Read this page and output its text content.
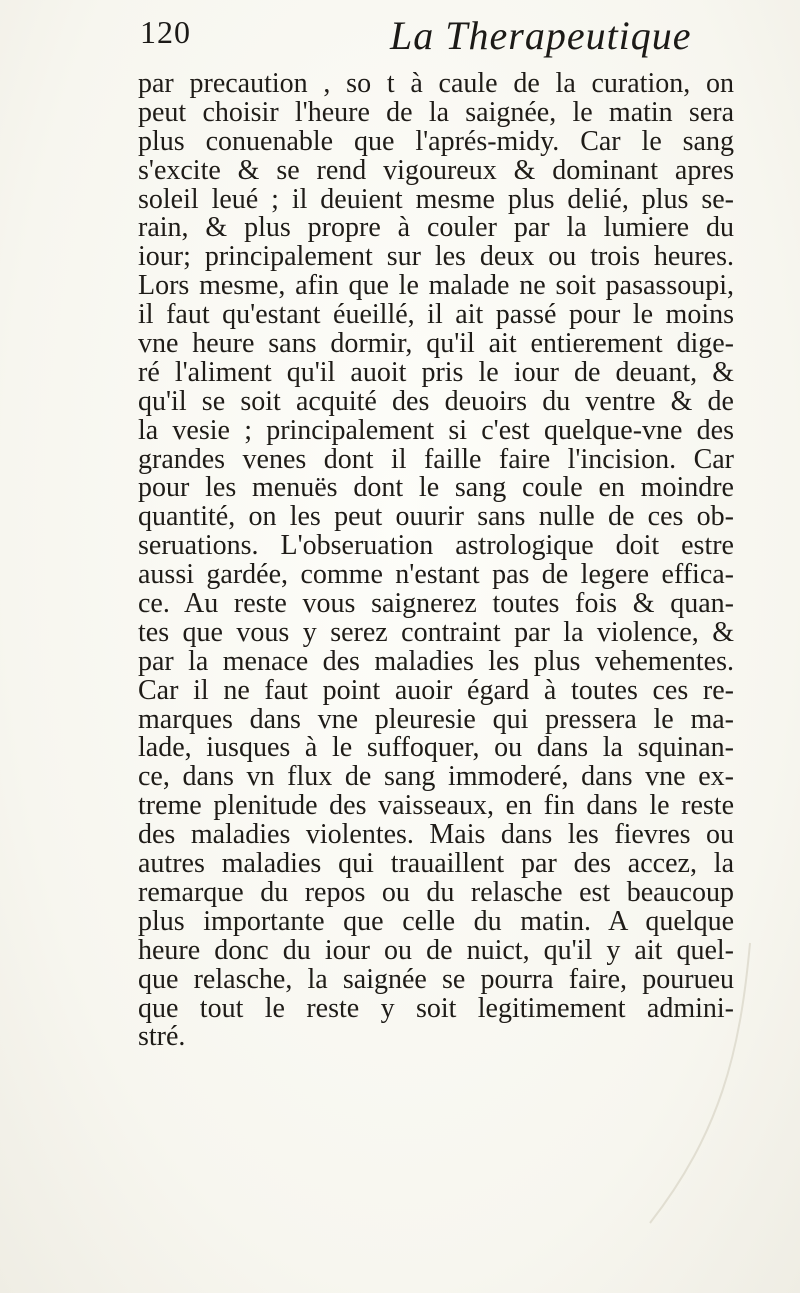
120	La Therapeutique
par precaution , so t à caule de la curation, on
peut choisir l'heure de la saignée, le matin sera
plus conuenable que l'aprés-midy. Car le sang
s'excite & se rend vigoureux & dominant apres
soleil leué ; il deuient mesme plus delié, plus se-
rain, & plus propre à couler par la lumiere du
iour; principalement sur les deux ou trois heures.
Lors mesme, afin que le malade ne soit pasassoupi,
il faut qu'estant éueillé, il ait passé pour le moins
vne heure sans dormir, qu'il ait entierement dige-
ré l'aliment qu'il auoit pris le iour de deuant, &
qu'il se soit acquité des deuoirs du ventre & de
la vesie ; principalement si c'est quelque-vne des
grandes venes dont il faille faire l'incision. Car
pour les menuës dont le sang coule en moindre
quantité, on les peut ouurir sans nulle de ces ob-
seruations. L'obseruation astrologique doit estre
aussi gardée, comme n'estant pas de legere effica-
ce. Au reste vous saignerez toutes fois & quan-
tes que vous y serez contraint par la violence, &
par la menace des maladies les plus vehementes.
Car il ne faut point auoir égard à toutes ces re-
marques dans vne pleuresie qui pressera le ma-
lade, iusques à le suffoquer, ou dans la squinan-
ce, dans vn flux de sang immoderé, dans vne ex-
treme plenitude des vaisseaux, en fin dans le reste
des maladies violentes. Mais dans les fievres ou
autres maladies qui trauaillent par des accez, la
remarque du repos ou du relasche est beaucoup
plus importante que celle du matin. A quelque
heure donc du iour ou de nuict, qu'il y ait quel-
que relasche, la saignée se pourra faire, pourueu
que tout le reste y soit legitimement admini-
stré.
